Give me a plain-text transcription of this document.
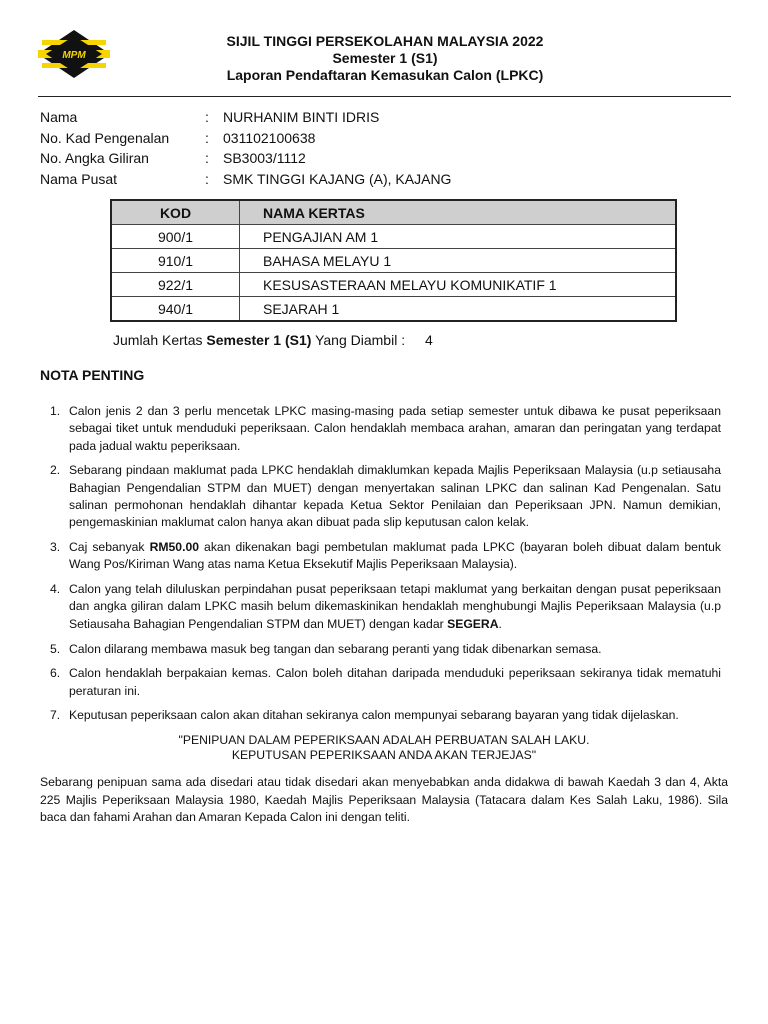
MPM
SIJIL TINGGI PERSEKOLAHAN MALAYSIA 2022
Semester 1 (S1)
Laporan Pendaftaran Kemasukan Calon (LPKC)
Nama	:	NURHANIM BINTI IDRIS
No. Kad Pengenalan	:	031102100638
No. Angka Giliran	:	SB3003/1112
Nama Pusat	:	SMK TINGGI KAJANG (A), KAJANG
KOD	NAMA KERTAS
900/1	PENGAJIAN AM 1
910/1	BAHASA MELAYU 1
922/1	KESUSASTERAAN MELAYU KOMUNIKATIF 1
940/1	SEJARAH 1
Jumlah Kertas Semester 1 (S1) Yang Diambil : 4
NOTA PENTING
1. Calon jenis 2 dan 3 perlu mencetak LPKC masing-masing pada setiap semester untuk dibawa ke pusat peperiksaan sebagai tiket untuk menduduki peperiksaan. Calon hendaklah membaca arahan, amaran dan peringatan yang terdapat pada jadual waktu peperiksaan.
2. Sebarang pindaan maklumat pada LPKC hendaklah dimaklumkan kepada Majlis Peperiksaan Malaysia (u.p setiausaha Bahagian Pengendalian STPM dan MUET) dengan menyertakan salinan LPKC dan salinan Kad Pengenalan. Satu salinan permohonan hendaklah dihantar kepada Ketua Sektor Penilaian dan Peperiksaan JPN. Namun demikian, pengemaskinian maklumat calon hanya akan dibuat pada slip keputusan calon kelak.
3. Caj sebanyak RM50.00 akan dikenakan bagi pembetulan maklumat pada LPKC (bayaran boleh dibuat dalam bentuk Wang Pos/Kiriman Wang atas nama Ketua Eksekutif Majlis Peperiksaan Malaysia).
4. Calon yang telah diluluskan perpindahan pusat peperiksaan tetapi maklumat yang berkaitan dengan pusat peperiksaan dan angka giliran dalam LPKC masih belum dikemaskinikan hendaklah menghubungi Majlis Peperiksaan Malaysia (u.p Setiausaha Bahagian Pengendalian STPM dan MUET) dengan kadar SEGERA.
5. Calon dilarang membawa masuk beg tangan dan sebarang peranti yang tidak dibenarkan semasa.
6. Calon hendaklah berpakaian kemas. Calon boleh ditahan daripada menduduki peperiksaan sekiranya tidak mematuhi peraturan ini.
7. Keputusan peperiksaan calon akan ditahan sekiranya calon mempunyai sebarang bayaran yang tidak dijelaskan.
"PENIPUAN DALAM PEPERIKSAAN ADALAH PERBUATAN SALAH LAKU.
KEPUTUSAN PEPERIKSAAN ANDA AKAN TERJEJAS"
Sebarang penipuan sama ada disedari atau tidak disedari akan menyebabkan anda didakwa di bawah Kaedah 3 dan 4, Akta 225 Majlis Peperiksaan Malaysia 1980, Kaedah Majlis Peperiksaan Malaysia (Tatacara dalam Kes Salah Laku, 1986). Sila baca dan fahami Arahan dan Amaran Kepada Calon ini dengan teliti.
